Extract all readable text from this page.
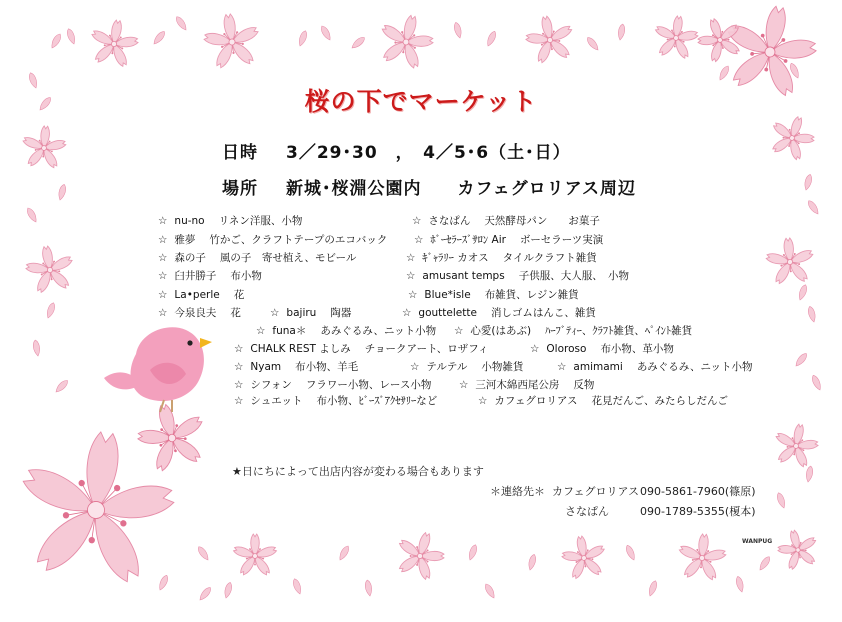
桜の下でマーケット
日時 3／29･30　，　4／5･6（土･日）
場所 新城･桜淵公園内　　カフェグロリアス周辺
☆ nu-no リネン洋服、小物	☆ さなぱん 天然酵母パン　　お菓子
☆ 雅夢 竹かご、クラフトテープのエコバック	☆ ﾎﾞｰｾﾗｰｽﾞｻﾛﾝ Air ボーセラーツ実演
☆ 森の子 風の子　寄せ植え、モビール	☆ ｷﾞｬﾗﾘｰ カオス タイルクラフト雑貨
☆ 臼井勝子 布小物	☆ amusant temps 子供服、大人服、　小物
☆ La•perle 花	☆ Blue*isle 布雑貨、レジン雑貨
☆ 今泉良夫 花	☆ bajiru 陶器	☆ gouttelette 消しゴムはんこ、雑貨
☆ funa＊ あみぐるみ、ニット小物 ☆ 心愛(はあぶ) ﾊｰﾌﾞﾃｨｰ、ｸﾗﾌﾄ雑貨、ﾍﾟｲﾝﾄ雑貨
☆ CHALK REST よしみ チョークアート、ロザフィ	☆ Oloroso 布小物、革小物
☆ Nyam 布小物、羊毛	☆ テルテル 小物雑貨	☆ amimami あみぐるみ、ニット小物
☆ シフォン フラワー小物、レース小物	☆ 三河木綿西尾公房 反物
☆ シュエット 布小物、ﾋﾞｰｽﾞｱｸｾｻﾘｰなど	☆ カフェグロリアス 花見だんご、みたらしだんご
★日にちによって出店内容が変わる場合もあります
＊連絡先＊ カフェグロリアス 090-5861-7960(篠原)
さなぱん	090-1789-5355(榎本)
WANPUG
